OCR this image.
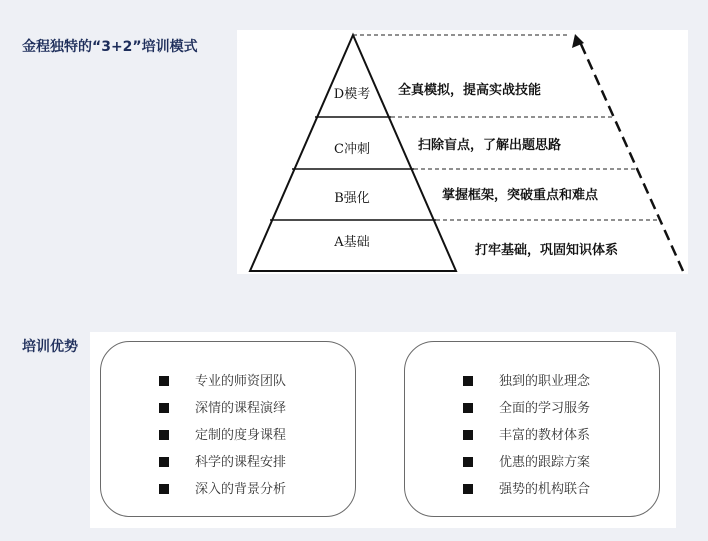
金程独特的“3+2”培训模式
D模考
C冲刺
B强化
A基础
全真模拟，提高实战技能
扫除盲点，了解出题思路
掌握框架，突破重点和难点
打牢基础，巩固知识体系
培训优势
专业的师资团队
深情的课程演绎
定制的度身课程
科学的课程安排
深入的背景分析
独到的职业理念
全面的学习服务
丰富的教材体系
优惠的跟踪方案
强势的机构联合
